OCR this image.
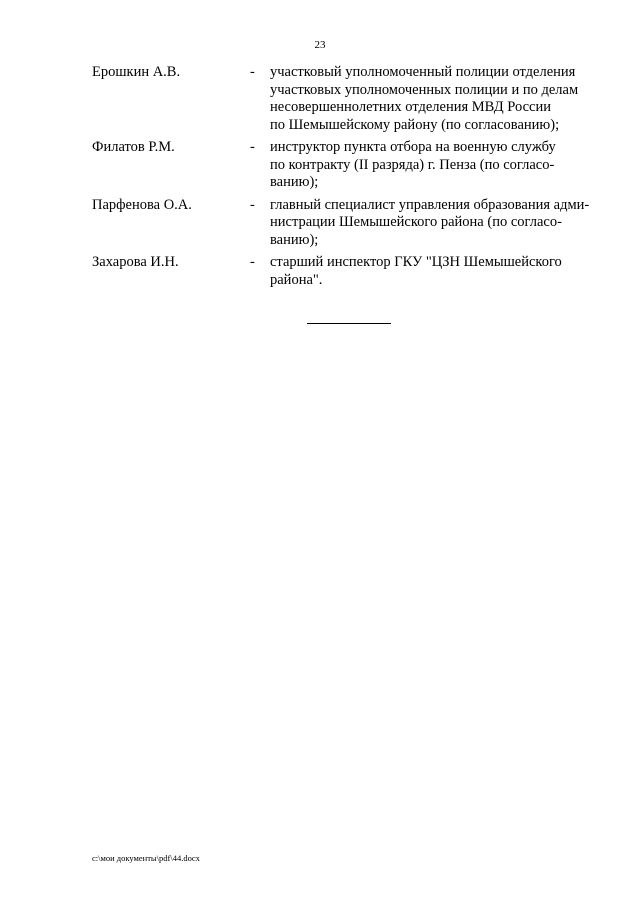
23
Ерошкин А.В.	-	участковый уполномоченный полиции отделения
участковых уполномоченных полиции и по делам
несовершеннолетних отделения МВД России
по Шемышейскому району (по согласованию);
Филатов Р.М.	-	инструктор пункта отбора на военную службу
по контракту (II разряда) г. Пенза (по согласо-
ванию);
Парфенова О.А.	-	главный специалист управления образования адми-
нистрации Шемышейского района (по согласо-
ванию);
Захарова И.Н.	-	старший инспектор ГКУ "ЦЗН Шемышейского
района".
c:\мои документы\pdf\44.docx
